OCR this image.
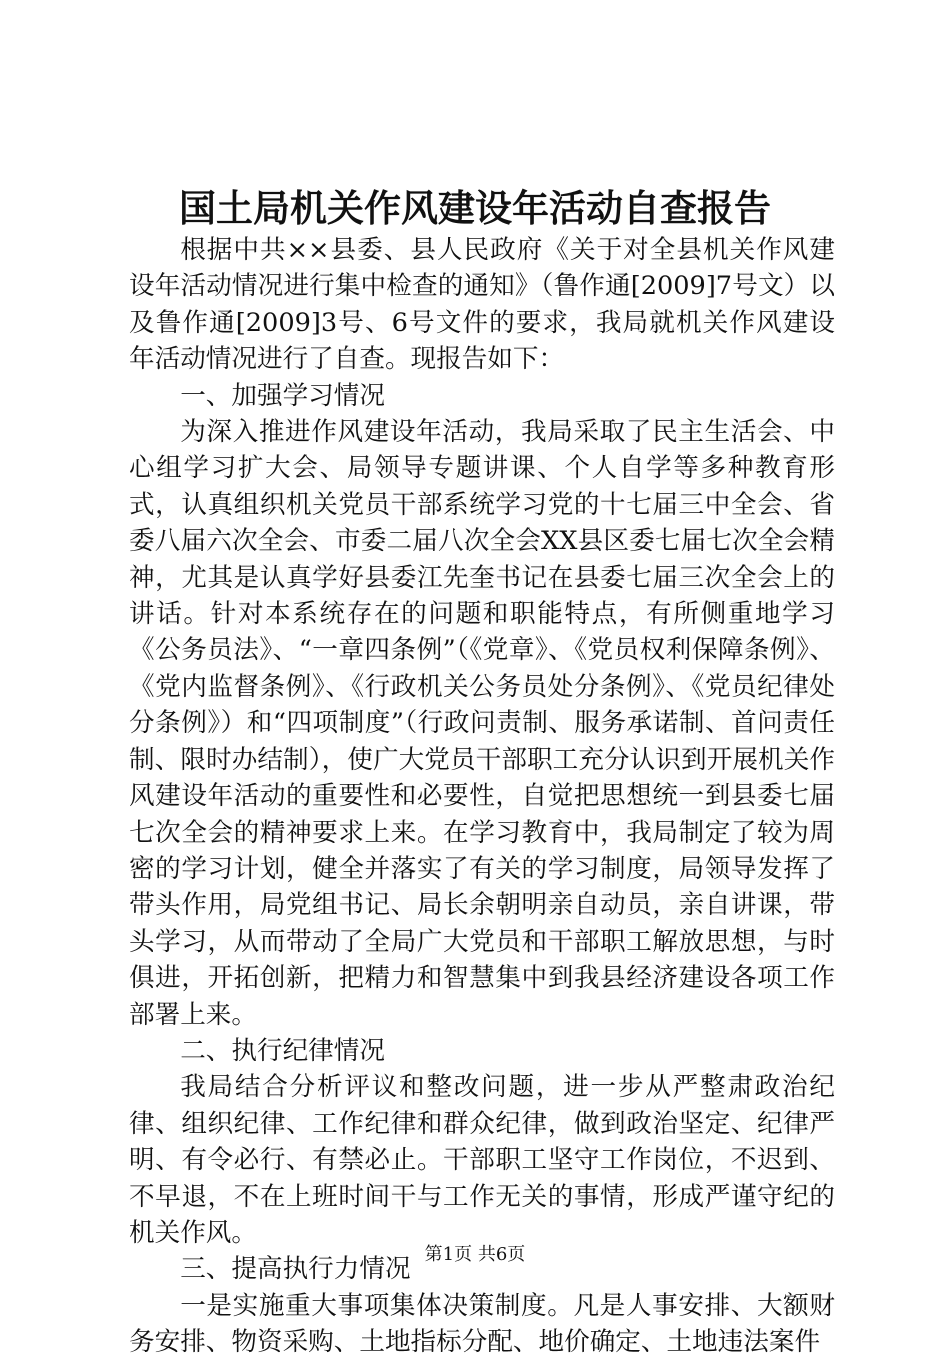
国土局机关作风建设年活动自查报告

根据中共××县委、县人民政府《关于对全县机关作风建设年活动情况进行集中检查的通知》（鲁作通[2009]7号文）以及鲁作通[2009]3号、6号文件的要求，我局就机关作风建设年活动情况进行了自查。现报告如下：

一、加强学习情况

为深入推进作风建设年活动，我局采取了民主生活会、中心组学习扩大会、局领导专题讲课、个人自学等多种教育形式，认真组织机关党员干部系统学习党的十七届三中全会、省委八届六次全会、市委二届八次全会XX县区委七届七次全会精神，尤其是认真学好县委江先奎书记在县委七届三次全会上的讲话。针对本系统存在的问题和职能特点，有所侧重地学习《公务员法》、“一章四条例”（《党章》、《党员权利保障条例》、《党内监督条例》、《行政机关公务员处分条例》、《党员纪律处分条例》）和“四项制度”（行政问责制、服务承诺制、首问责任制、限时办结制），使广大党员干部职工充分认识到开展机关作风建设年活动的重要性和必要性，自觉把思想统一到县委七届七次全会的精神要求上来。在学习教育中，我局制定了较为周密的学习计划，健全并落实了有关的学习制度，局领导发挥了带头作用，局党组书记、局长余朝明亲自动员，亲自讲课，带头学习，从而带动了全局广大党员和干部职工解放思想，与时俱进，开拓创新，把精力和智慧集中到我县经济建设各项工作部署上来。

二、执行纪律情况

我局结合分析评议和整改问题，进一步从严整肃政治纪律、组织纪律、工作纪律和群众纪律，做到政治坚定、纪律严明、有令必行、有禁必止。干部职工坚守工作岗位，不迟到、不早退，不在上班时间干与工作无关的事情，形成严谨守纪的机关作风。

三、提高执行力情况

一是实施重大事项集体决策制度。凡是人事安排、大额财务安排、物资采购、土地指标分配、地价确定、土地违法案件

第1页 共6页
